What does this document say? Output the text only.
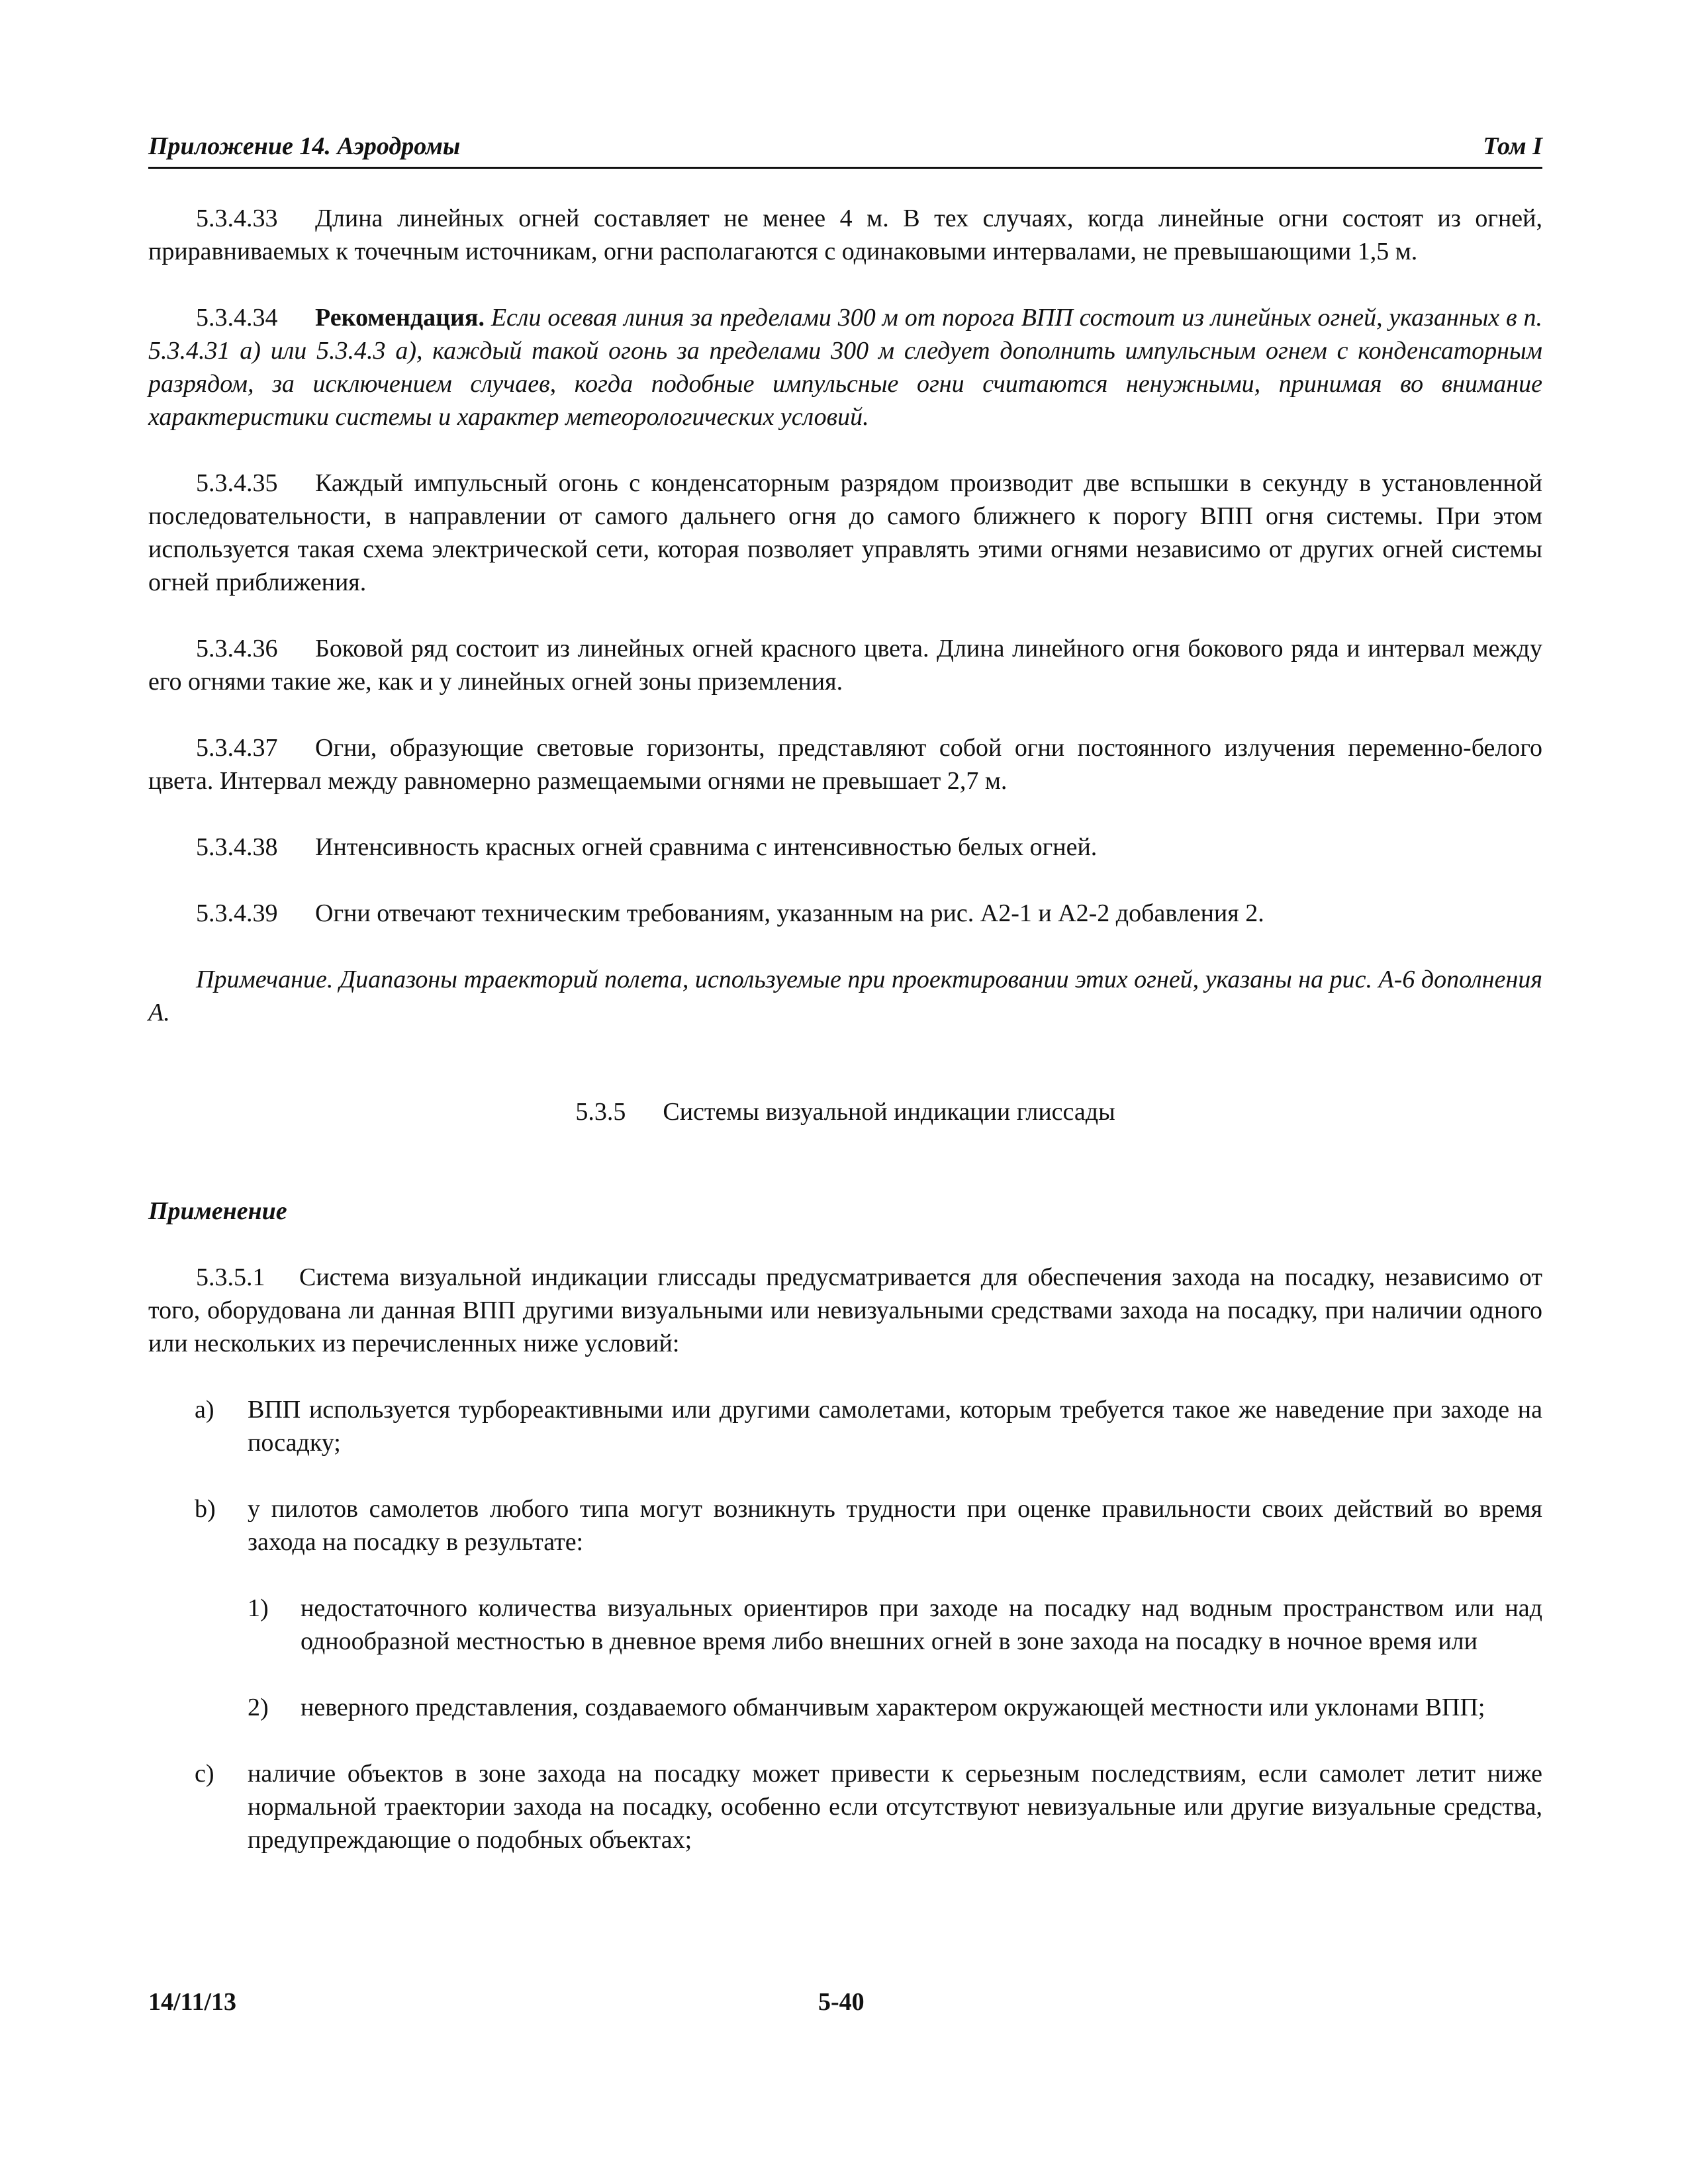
Приложение 14. Аэродромы	Том I

5.3.4.33 Длина линейных огней составляет не менее 4 м. В тех случаях, когда линейные огни состоят из огней, приравниваемых к точечным источникам, огни располагаются с одинаковыми интервалами, не превышающими 1,5 м.

5.3.4.34 Рекомендация. Если осевая линия за пределами 300 м от порога ВПП состоит из линейных огней, указанных в п. 5.3.4.31 а) или 5.3.4.3 а), каждый такой огонь за пределами 300 м следует дополнить импульсным огнем с конденсаторным разрядом, за исключением случаев, когда подобные импульсные огни считаются ненужными, принимая во внимание характеристики системы и характер метеорологических условий.

5.3.4.35 Каждый импульсный огонь с конденсаторным разрядом производит две вспышки в секунду в установленной последовательности, в направлении от самого дальнего огня до самого ближнего к порогу ВПП огня системы. При этом используется такая схема электрической сети, которая позволяет управлять этими огнями независимо от других огней системы огней приближения.

5.3.4.36 Боковой ряд состоит из линейных огней красного цвета. Длина линейного огня бокового ряда и интервал между его огнями такие же, как и у линейных огней зоны приземления.

5.3.4.37 Огни, образующие световые горизонты, представляют собой огни постоянного излучения переменно-белого цвета. Интервал между равномерно размещаемыми огнями не превышает 2,7 м.

5.3.4.38 Интенсивность красных огней сравнима с интенсивностью белых огней.

5.3.4.39 Огни отвечают техническим требованиям, указанным на рис. А2-1 и А2-2 добавления 2.

Примечание. Диапазоны траекторий полета, используемые при проектировании этих огней, указаны на рис. А-6 дополнения А.

5.3.5 Системы визуальной индикации глиссады

Применение

5.3.5.1 Система визуальной индикации глиссады предусматривается для обеспечения захода на посадку, независимо от того, оборудована ли данная ВПП другими визуальными или невизуальными средствами захода на посадку, при наличии одного или нескольких из перечисленных ниже условий:

a) ВПП используется турбореактивными или другими самолетами, которым требуется такое же наведение при заходе на посадку;
b) у пилотов самолетов любого типа могут возникнуть трудности при оценке правильности своих действий во время захода на посадку в результате:
1) недостаточного количества визуальных ориентиров при заходе на посадку над водным пространством или над однообразной местностью в дневное время либо внешних огней в зоне захода на посадку в ночное время или
2) неверного представления, создаваемого обманчивым характером окружающей местности или уклонами ВПП;
c) наличие объектов в зоне захода на посадку может привести к серьезным последствиям, если самолет летит ниже нормальной траектории захода на посадку, особенно если отсутствуют невизуальные или другие визуальные средства, предупреждающие о подобных объектах;
14/11/13	5-40
